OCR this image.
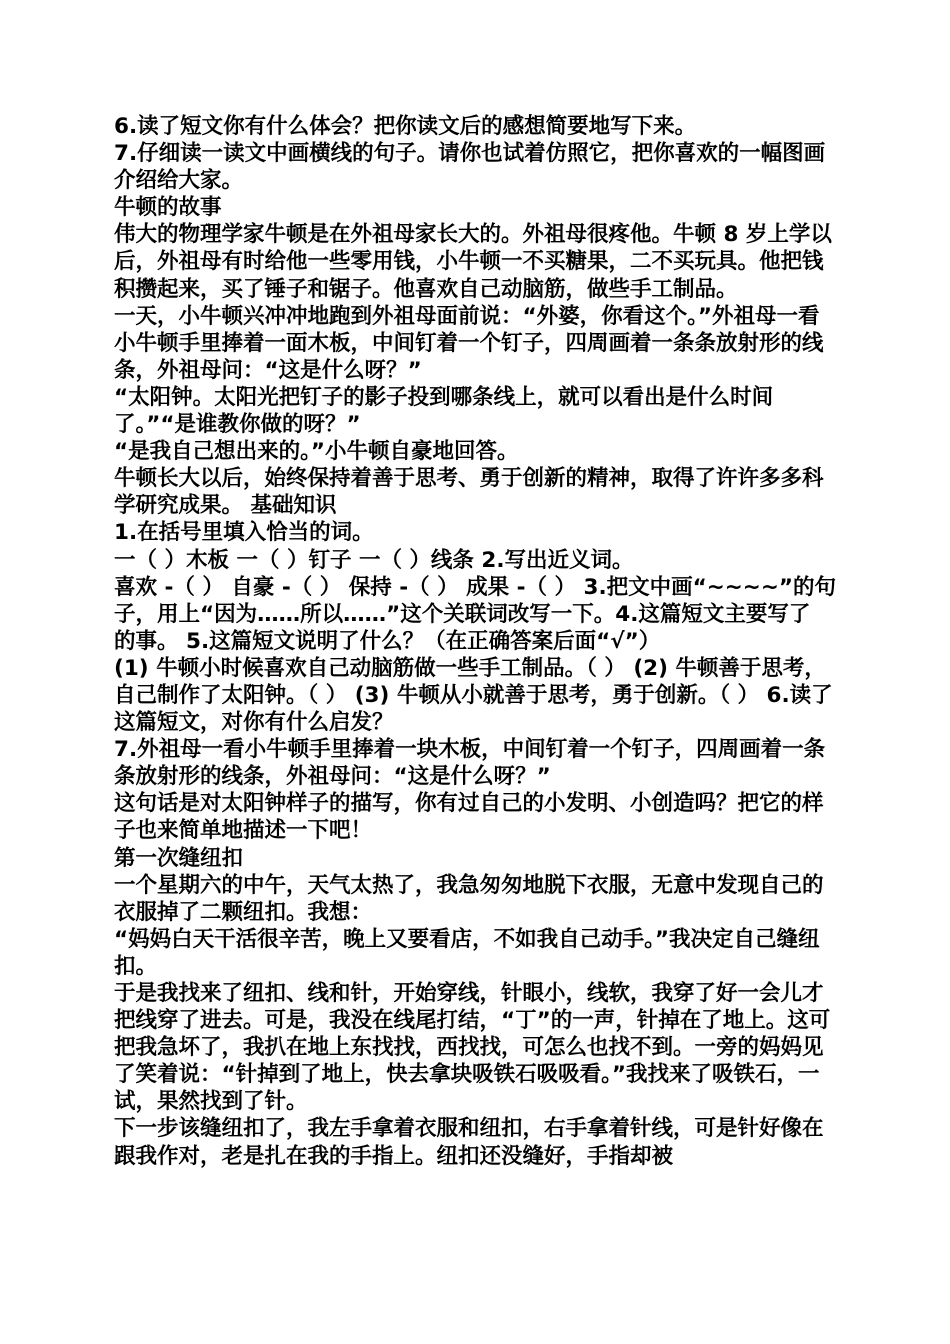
6.读了短文你有什么体会？把你读文后的感想简要地写下来。

7.仔细读一读文中画横线的句子。请你也试着仿照它，把你喜欢的一幅图画介绍给大家。

牛顿的故事

伟大的物理学家牛顿是在外祖母家长大的。外祖母很疼他。牛顿 8 岁上学以后，外祖母有时给他一些零用钱，小牛顿一不买糖果，二不买玩具。他把钱积攒起来，买了锤子和锯子。他喜欢自己动脑筋，做些手工制品。

一天，小牛顿兴冲冲地跑到外祖母面前说：“外婆，你看这个。”外祖母一看小牛顿手里捧着一面木板，中间钉着一个钉子，四周画着一条条放射形的线条，外祖母问：“这是什么呀？”

“太阳钟。太阳光把钉子的影子投到哪条线上，就可以看出是什么时间了。”“是谁教你做的呀？”

“是我自己想出来的。”小牛顿自豪地回答。

牛顿长大以后，始终保持着善于思考、勇于创新的精神，取得了许许多多科学研究成果。 基础知识

1.在括号里填入恰当的词。

一（ ）木板 一（ ）钉子 一（ ）线条 2.写出近义词。

喜欢 -（ ） 自豪 -（ ） 保持 -（ ） 成果 -（ ） 3.把文中画“~~~~”的句子，用上“因为……所以……”这个关联词改写一下。4.这篇短文主要写了 的事。 5.这篇短文说明了什么？（在正确答案后面“√”）

(1) 牛顿小时候喜欢自己动脑筋做一些手工制品。（ ） (2) 牛顿善于思考，自己制作了太阳钟。（ ） (3) 牛顿从小就善于思考，勇于创新。（ ） 6.读了这篇短文，对你有什么启发？

7.外祖母一看小牛顿手里捧着一块木板，中间钉着一个钉子，四周画着一条条放射形的线条，外祖母问：“这是什么呀？”

这句话是对太阳钟样子的描写，你有过自己的小发明、小创造吗？把它的样子也来简单地描述一下吧！

第一次缝纽扣

一个星期六的中午，天气太热了，我急匆匆地脱下衣服，无意中发现自己的衣服掉了二颗纽扣。我想：

“妈妈白天干活很辛苦，晚上又要看店，不如我自己动手。”我决定自己缝纽扣。

于是我找来了纽扣、线和针，开始穿线，针眼小，线软，我穿了好一会儿才把线穿了进去。可是，我没在线尾打结，“丁”的一声，针掉在了地上。这可把我急坏了，我扒在地上东找找，西找找，可怎么也找不到。一旁的妈妈见了笑着说：“针掉到了地上，快去拿块吸铁石吸吸看。”我找来了吸铁石，一试，果然找到了针。

下一步该缝纽扣了，我左手拿着衣服和纽扣，右手拿着针线，可是针好像在跟我作对，老是扎在我的手指上。纽扣还没缝好，手指却被
